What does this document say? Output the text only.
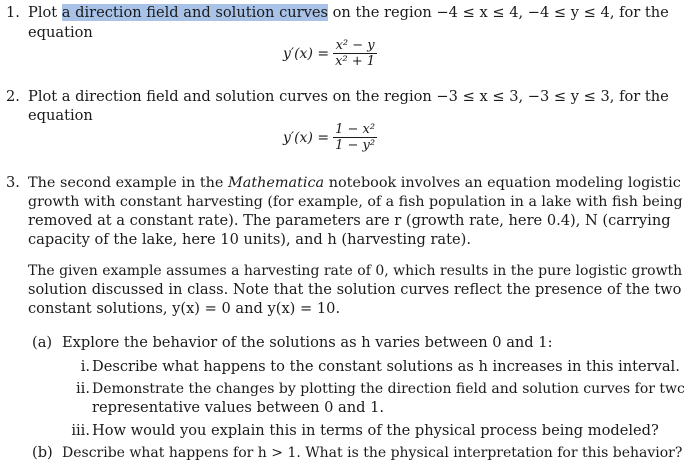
1. Plot a direction field and solution curves on the region −4 ≤ x ≤ 4, −4 ≤ y ≤ 4, for the
equation
$y'(x) = \frac{\text{x² − y}}{\text{x² + 1}}$
2. Plot a direction field and solution curves on the region −3 ≤ x ≤ 3, −3 ≤ y ≤ 3, for the
equation
$y'(x) = \frac{\text{1 − x²}}{\text{1 − y²}}$
3. The second example in the Mathematica notebook involves an equation modeling logistic
growth with constant harvesting (for example, of a fish population in a lake with fish being
removed at a constant rate). The parameters are r (growth rate, here 0.4), N (carrying
capacity of the lake, here 10 units), and h (harvesting rate).
The given example assumes a harvesting rate of 0, which results in the pure logistic growth
solution discussed in class. Note that the solution curves reflect the presence of the two
constant solutions, y(x) = 0 and y(x) = 10.
(a) Explore the behavior of the solutions as h varies between 0 and 1:
i. Describe what happens to the constant solutions as h increases in this interval.
ii. Demonstrate the changes by plotting the direction field and solution curves for twc
representative values between 0 and 1.
iii. How would you explain this in terms of the physical process being modeled?
(b) Describe what happens for h > 1. What is the physical interpretation for this behavior?
